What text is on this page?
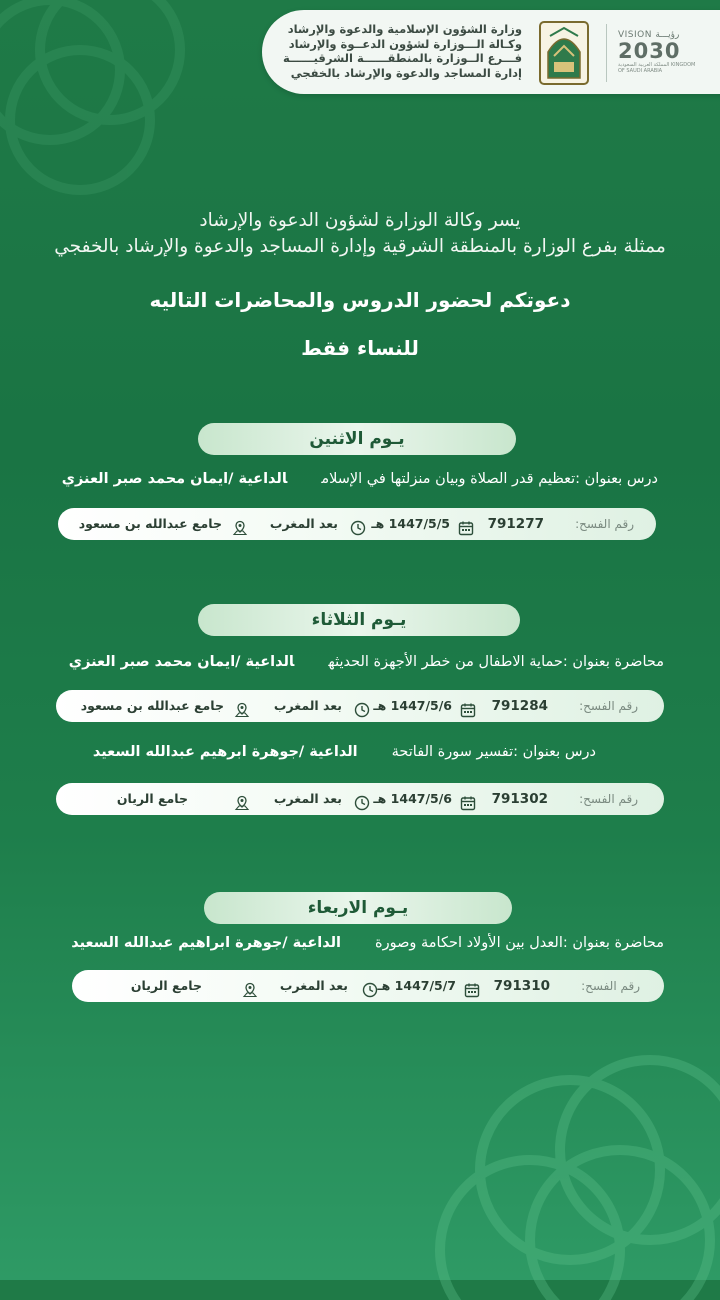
وزارة الشؤون الإسلامية والدعوة والإرشاد
وكـالة الـــوزارة لشؤون الدعــوة والإرشاد
فـــرع الــوزارة بالمنطقــــــة الشرقيــــــة
إدارة المساجد والدعوة والإرشاد بالخفجي
VISION رؤيـــة
2030
المملكة العربية السعودية KINGDOM OF SAUDI ARABIA
يسر وكالة الوزارة لشؤون الدعوة والإرشاد
ممثلة بفرع الوزارة بالمنطقة الشرقية وإدارة المساجد والدعوة والإرشاد بالخفجي
دعوتكم لحضور الدروس والمحاضرات التاليه
للنساء فقط
يـوم الاثنين
درس بعنوان :تعظيم قدر الصلاة وبيان منزلتها في الإسلامالداعية /ايمان محمد صبر العنزي
رقم الفسح:
791277
1447/5/5 هـ
بعد المغرب
جامع عبدالله بن مسعود
يـوم الثلاثاء
محاضرة بعنوان :حماية الاطفال من خطر الأجهزة الحديثهالداعية /ايمان محمد صبر العنزي
رقم الفسح:
791284
1447/5/6 هـ
بعد المغرب
جامع عبدالله بن مسعود
درس بعنوان :تفسير سورة الفاتحةالداعية /جوهرة ابرهيم عبدالله السعيد
رقم الفسح:
791302
1447/5/6 هـ
بعد المغرب
جامع الريان
يـوم الاربعاء
محاضرة بعنوان :العدل بين الأولاد احكامة وصورةالداعية /جوهرة ابراهيم عبدالله السعيد
رقم الفسح:
791310
1447/5/7 هـ
بعد المغرب
جامع الريان
